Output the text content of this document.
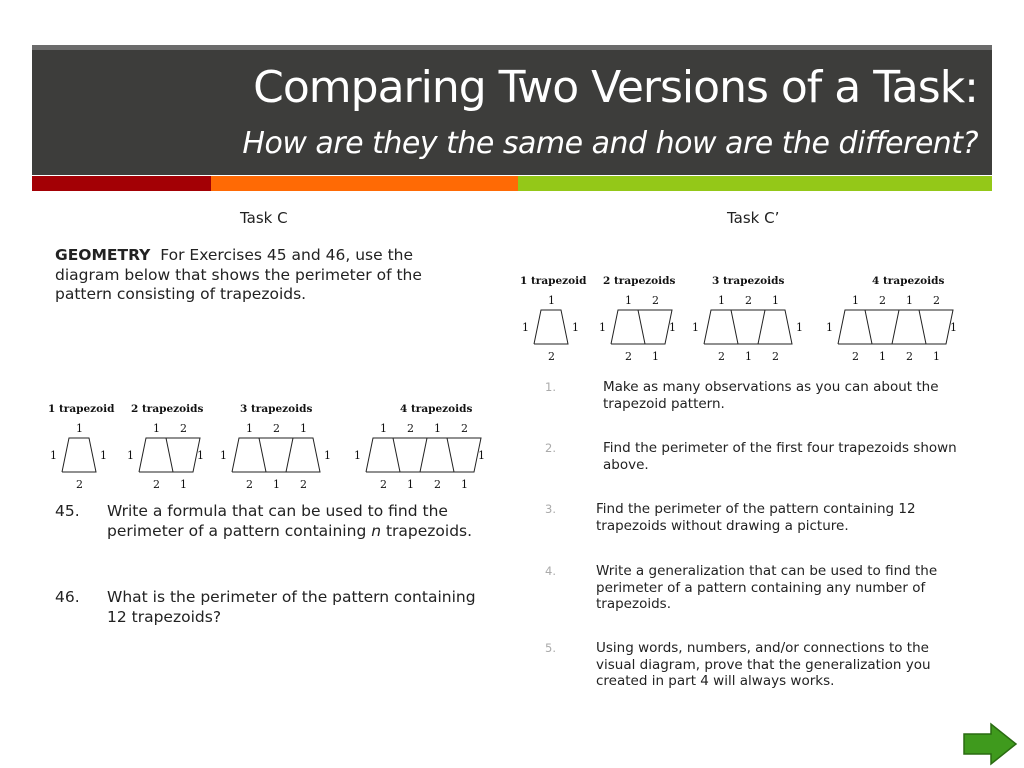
Comparing Two Versions of a Task:
How are they the same and how are the different?
Task C	Task C’
GEOMETRY For Exercises 45 and 46, use the diagram below that shows the perimeter of the pattern consisting of trapezoids.
1 trapezoid
1
2
1	1
2 trapezoids
1 2
2 1
1	1
3 trapezoids
1 2 1
2 1 2
1	1
4 trapezoids
1 2 1 2
2 1 2 1
1	1
1 trapezoid
1
2
1	1
2 trapezoids
1 2
2 1
1	1
3 trapezoids
1 2 1
2 1 2
1	1
4 trapezoids
1 2 1 2
2 1 2 1
1	1
45. Write a formula that can be used to find the perimeter of a pattern containing n trapezoids.
46. What is the perimeter of the pattern containing 12 trapezoids?
1.	Make as many observations as you can about the trapezoid pattern.
2.	Find the perimeter of the first four trapezoids shown above.
3.	Find the perimeter of the pattern containing 12 trapezoids without drawing a picture.
4.	Write a generalization that can be used to find the perimeter of a pattern containing any number of trapezoids.
5.	Using words, numbers, and/or connections to the visual diagram, prove that the generalization you created in part 4 will always works.
